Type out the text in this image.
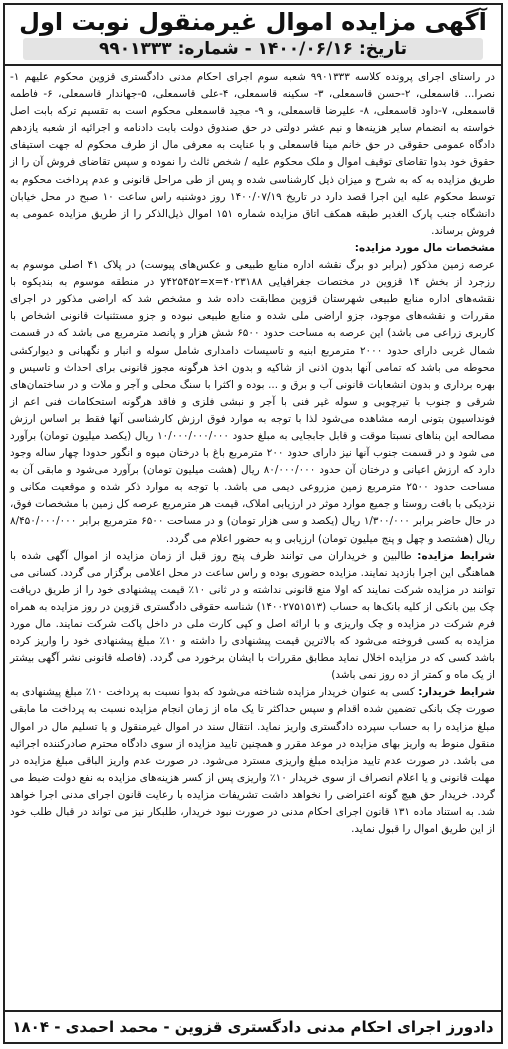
آگهی مزایده اموال غیرمنقول نوبت اول
تاریخ: ۱۴۰۰/۰۶/۱۶ - شماره: ۹۹۰۱۳۳۳

در راستای اجرای پرونده کلاسه ۹۹۰۱۳۳۳ شعبه سوم اجرای احکام مدنی دادگستری قزوین محکوم علیهم ۱- نصرا... قاسمعلی، ۲-حسن قاسمعلی، ۳- سکینه قاسمعلی، ۴-علی قاسمعلی، ۵-جهاندار قاسمعلی، ۶- فاطمه قاسمعلی، ۷-داود قاسمعلی، ۸- علیرضا قاسمعلی، و ۹- مجید قاسمعلی محکوم است به تقسیم ترکه بابت اصل خواسته به انضمام سایر هزینه‌ها و نیم عشر دولتی در حق صندوق دولت بابت دادنامه و اجرائیه از شعبه یازدهم دادگاه عمومی حقوقی در حق خانم مینا قاسمعلی و با عنایت به معرفی مال از طرف محکوم له جهت استیفای حقوق خود بدوا تقاضای توقیف اموال و ملک محکوم علیه / شخص ثالث را نموده و سپس تقاضای فروش آن را از طریق مزایده به که به شرح و میزان ذیل کارشناسی شده و پس از طی مراحل قانونی و عدم پرداخت محکوم به توسط محکوم علیه این اجرا قصد دارد در تاریخ ۱۴۰۰/۰۷/۱۹ روز دوشنبه راس ساعت ۱۰ صبح در محل خیابان دانشگاه جنب پارک الغدیر طبقه همکف اتاق مزایده شماره ۱۵۱ اموال ذیل‌الذکر را از طریق مزایده عمومی به فروش برساند.

مشخصات مال مورد مزایده:

عرصه زمین مذکور (برابر دو برگ نقشه اداره منابع طبیعی و عکس‌های پیوست) در پلاک ۴۱ اصلی موسوم به رزجرد از بخش ۱۴ قزوین در مختصات جغرافیایی ۴۰۲۳۱۸۸=y۴۲۵۴۵۲=x در منطقه موسوم به بندیکوه با نقشه‌های اداره منابع طبیعی شهرستان قزوین مطابقت داده شد و مشخص شد که اراضی مذکور در اجرای مقررات و نقشه‌های موجود، جزو اراضی ملی شده و منابع طبیعی نبوده و جزو مستثنیات قانونی اشخاص با کاربری زراعی می باشد) این عرصه به مساحت حدود ۶۵۰۰ شش هزار و پانصد مترمربع می باشد که در قسمت شمال غربی دارای حدود ۲۰۰۰ مترمربع ابنیه و تاسیسات دامداری شامل سوله و انبار و نگهبانی و دیوارکشی محوطه می باشد که تمامی آنها بدون اذنی از شاکیه و بدون اخذ هرگونه مجوز قانونی برای احداث و تاسیس و بهره برداری و بدون انشعابات قانونی آب و برق و ... بوده و اکثرا با سنگ محلی و آجر و ملات و در ساختمان‌های شرقی و جنوب با تیرچوبی و سوله غیر فنی با آجر و نبشی فلزی و فاقد هرگونه استحکامات فنی اعم از فونداسیون بتونی ارمه مشاهده می‌شود لذا با توجه به موارد فوق ارزش کارشناسی آنها فقط بر اساس ارزش مصالحه این بناهای نسبتا موقت و قابل جابجایی به مبلغ حدود ۱۰/۰۰۰/۰۰۰/۰۰۰ ریال (یکصد میلیون تومان) برآورد می شود و در قسمت جنوب آنها نیز دارای حدود ۲۰۰ مترمربع باغ با درختان میوه و انگور حدودا چهار ساله وجود دارد که ارزش اعیانی و درختان آن حدود ۸۰/۰۰۰/۰۰۰ ریال (هشت میلیون تومان) برآورد می‌شود و مابقی آن به مساحت حدود ۲۵۰۰ مترمربع زمین مزروعی دیمی می باشد. با توجه به موارد ذکر شده و موقعیت مکانی و نزدیکی با بافت روستا و جمیع موارد موثر در ارزیابی املاک، قیمت هر مترمربع عرصه کل زمین با مشخصات فوق، در حال حاضر برابر ۱/۳۰۰/۰۰۰ ریال (یکصد و سی هزار تومان) و در مساحت ۶۵۰۰ مترمربع برابر ۸/۴۵۰/۰۰۰/۰۰۰ ریال (هشتصد و چهل و پنج میلیون تومان) ارزیابی و به حضور اعلام می گردد.

شرایط مزایده: طالبین و خریداران می توانند ظرف پنج روز قبل از زمان مزایده از اموال آگهی شده با هماهنگی این اجرا بازدید نمایند. مزایده حضوری بوده و راس ساعت در محل اعلامی برگزار می گردد. کسانی می توانند در مزایده شرکت نمایند که اولا منع قانونی نداشته و در ثانی ۱۰٪ قیمت پیشنهادی خود را از طریق دریافت چک بین بانکی از کلیه بانک‌ها به حساب (۱۴۰۰۲۷۵۱۵۱۳) شناسه حقوقی دادگستری قزوین در روز مزایده به همراه فرم شرکت در مزایده و چک واریزی و با ارائه اصل و کپی کارت ملی در داخل پاکت شرکت نمایند. مال مورد مزایده به کسی فروخته می‌شود که بالاترین قیمت پیشنهادی را داشته و ۱۰٪ مبلغ پیشنهادی خود را واریز کرده باشد کسی که در مزایده اخلال نماید مطابق مقررات با ایشان برخورد می گردد. (فاصله قانونی نشر آگهی بیشتر از یک ماه و کمتر از ده روز نمی باشد)

شرایط خریدار: کسی به عنوان خریدار مزایده شناخته می‌شود که بدوا نسبت به پرداخت ۱۰٪ مبلغ پیشنهادی به صورت چک بانکی تضمین شده اقدام و سپس حداکثر تا یک ماه از زمان انجام مزایده نسبت به پرداخت ما مابقی مبلغ مزایده را به حساب سپرده دادگستری واریز نماید. انتقال سند در اموال غیرمنقول و یا تسلیم مال در اموال منقول منوط به واریز بهای مزایده در موعد مقرر و همچنین تایید مزایده از سوی دادگاه محترم صادرکننده اجرائیه می باشد. در صورت عدم تایید مزایده مبلغ واریزی مسترد می‌شود. در صورت عدم واریز الباقی مبلغ مزایده در مهلت قانونی و یا اعلام انصراف از سوی خریدار ۱۰٪ واریزی پس از کسر هزینه‌های مزایده به نفع دولت ضبط می گردد. خریدار حق هیچ گونه اعتراضی را نخواهد داشت تشریفات مزایده با رعایت قانون اجرای مدنی اجرا خواهد شد. به استناد ماده ۱۳۱ قانون اجرای احکام مدنی در صورت نبود خریدار، طلبکار نیز می تواند در قبال طلب خود از این طریق اموال را قبول نماید.

دادورز اجرای احکام مدنی دادگستری قزوین - محمد احمدی - ۱۸۰۴
